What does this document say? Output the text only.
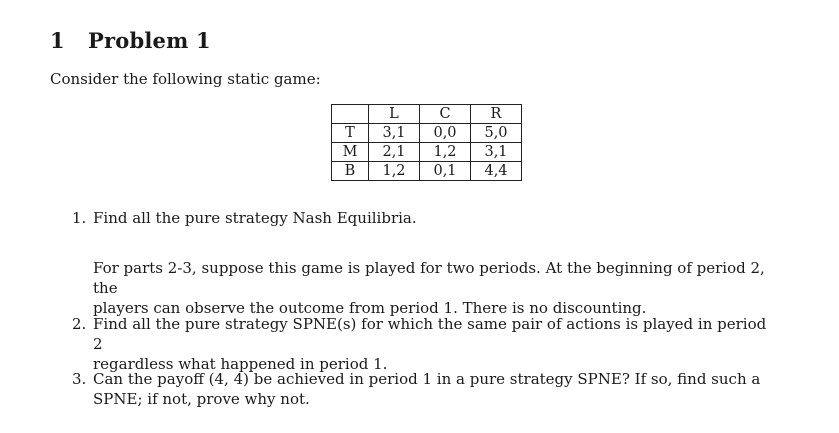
1 Problem 1
Consider the following static game:
	L	C	R
T	3,1	0,0	5,0
M	2,1	1,2	3,1
B	1,2	0,1	4,4
1. Find all the pure strategy Nash Equilibria.
For parts 2-3, suppose this game is played for two periods. At the beginning of period 2, the
players can observe the outcome from period 1. There is no discounting.
2. Find all the pure strategy SPNE(s) for which the same pair of actions is played in period 2
regardless what happened in period 1.
3. Can the payoff (4, 4) be achieved in period 1 in a pure strategy SPNE? If so, find such a
SPNE; if not, prove why not.
